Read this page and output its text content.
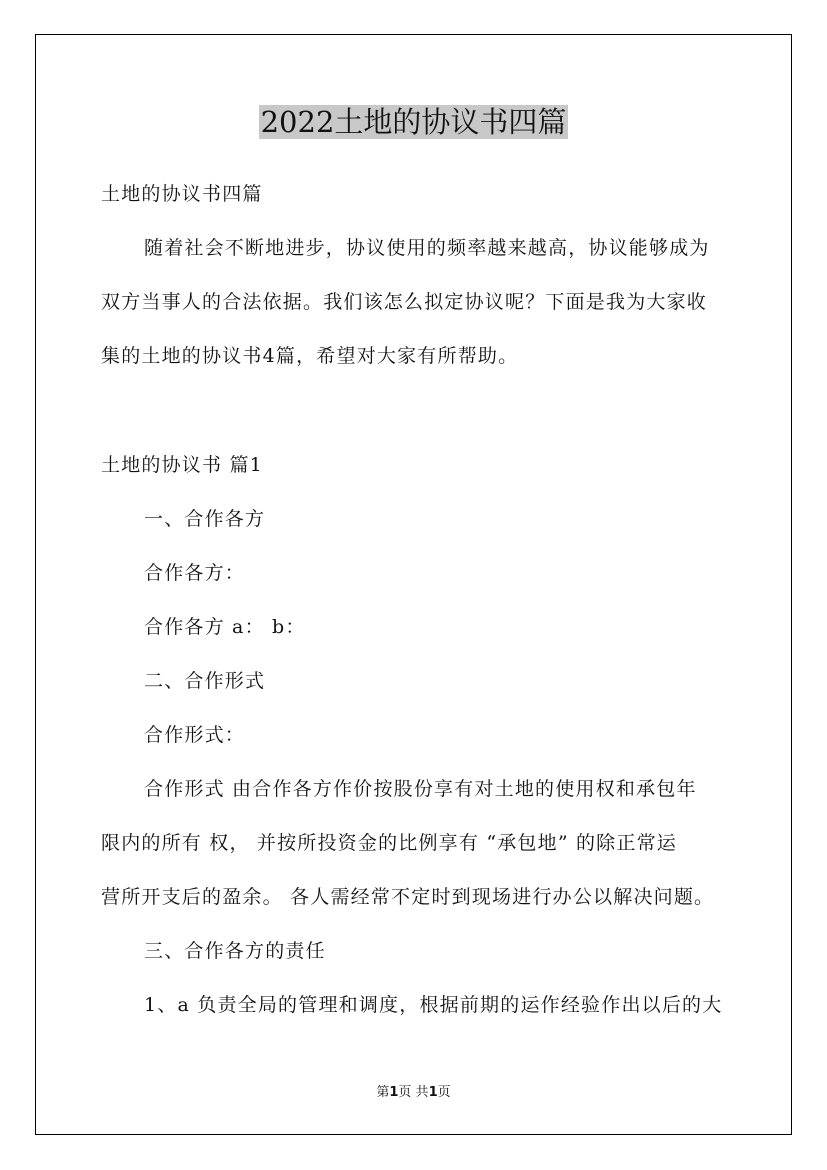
2022土地的协议书四篇
土地的协议书四篇
随着社会不断地进步，协议使用的频率越来越高，协议能够成为
双方当事人的合法依据。我们该怎么拟定协议呢？下面是我为大家收
集的土地的协议书4篇，希望对大家有所帮助。
土地的协议书 篇1
一、合作各方
合作各方：
合作各方 a： b：
二、合作形式
合作形式：
合作形式 由合作各方作价按股份享有对土地的使用权和承包年
限内的所有 权， 并按所投资金的比例享有 “承包地” 的除正常运
营所开支后的盈余。 各人需经常不定时到现场进行办公以解决问题。
三、合作各方的责任
1、a 负责全局的管理和调度，根据前期的运作经验作出以后的大
第1页 共1页
